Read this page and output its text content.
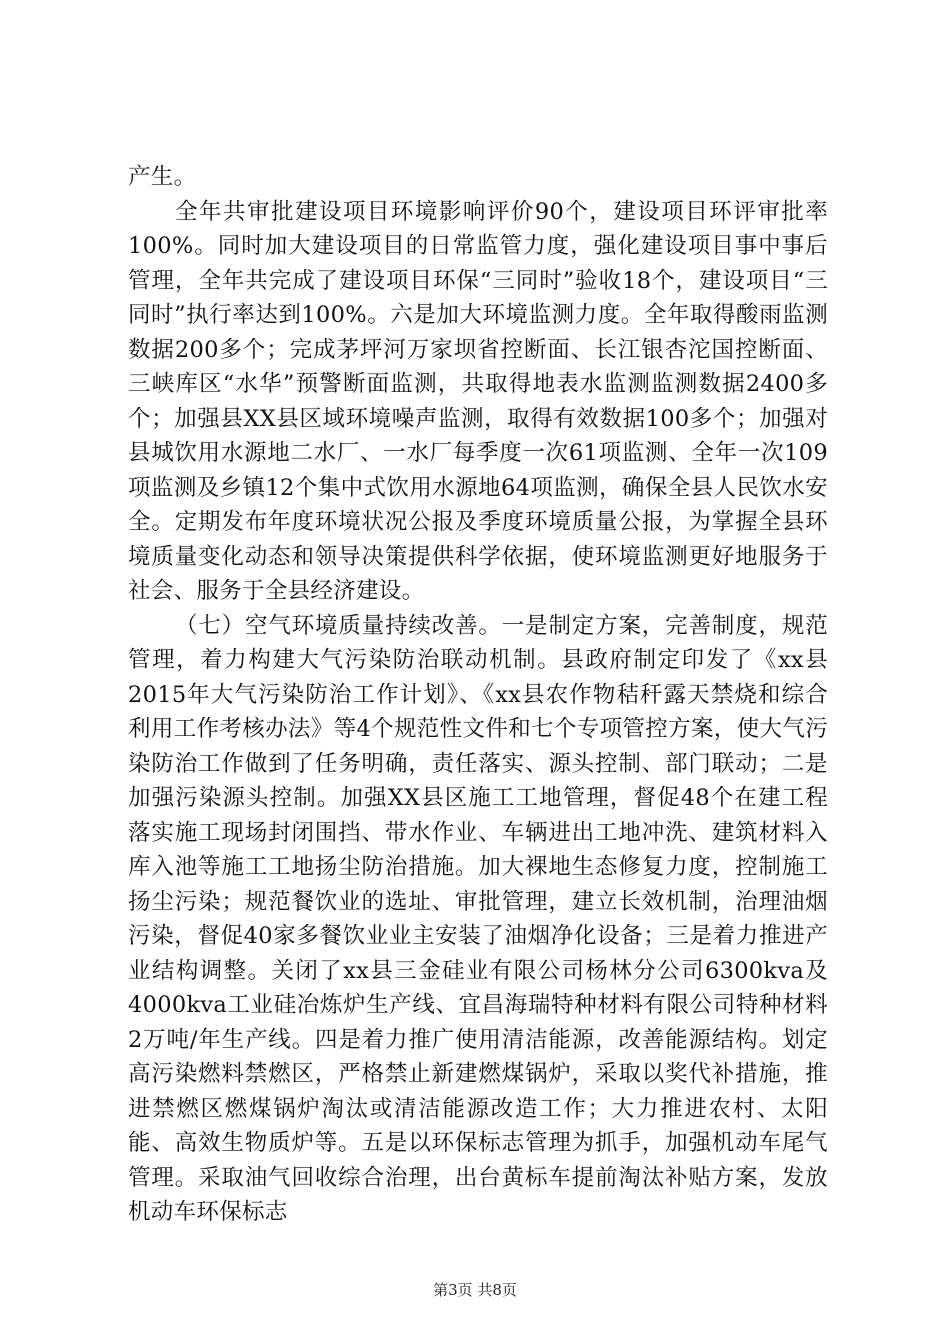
产生。

全年共审批建设项目环境影响评价90个，建设项目环评审批率100%。同时加大建设项目的日常监管力度，强化建设项目事中事后管理，全年共完成了建设项目环保“三同时”验收18个，建设项目“三同时”执行率达到100%。六是加大环境监测力度。全年取得酸雨监测数据200多个；完成茅坪河万家坝省控断面、长江银杏沱国控断面、三峡库区“水华”预警断面监测，共取得地表水监测监测数据2400多个；加强县XX县区域环境噪声监测，取得有效数据100多个；加强对县城饮用水源地二水厂、一水厂每季度一次61项监测、全年一次109项监测及乡镇12个集中式饮用水源地64项监测，确保全县人民饮水安全。定期发布年度环境状况公报及季度环境质量公报，为掌握全县环境质量变化动态和领导决策提供科学依据，使环境监测更好地服务于社会、服务于全县经济建设。

（七）空气环境质量持续改善。一是制定方案，完善制度，规范管理，着力构建大气污染防治联动机制。县政府制定印发了《xx县2015年大气污染防治工作计划》、《xx县农作物秸秆露天禁烧和综合利用工作考核办法》等4个规范性文件和七个专项管控方案，使大气污染防治工作做到了任务明确，责任落实、源头控制、部门联动；二是加强污染源头控制。加强XX县区施工工地管理，督促48个在建工程落实施工现场封闭围挡、带水作业、车辆进出工地冲洗、建筑材料入库入池等施工工地扬尘防治措施。加大裸地生态修复力度，控制施工扬尘污染；规范餐饮业的选址、审批管理，建立长效机制，治理油烟污染，督促40家多餐饮业业主安装了油烟净化设备；三是着力推进产业结构调整。关闭了xx县三金硅业有限公司杨林分公司6300kva及4000kva工业硅冶炼炉生产线、宜昌海瑞特种材料有限公司特种材料2万吨/年生产线。四是着力推广使用清洁能源，改善能源结构。划定高污染燃料禁燃区，严格禁止新建燃煤锅炉，采取以奖代补措施，推进禁燃区燃煤锅炉淘汰或清洁能源改造工作；大力推进农村、太阳能、高效生物质炉等。五是以环保标志管理为抓手，加强机动车尾气管理。采取油气回收综合治理，出台黄标车提前淘汰补贴方案，发放机动车环保标志

第3页 共8页
